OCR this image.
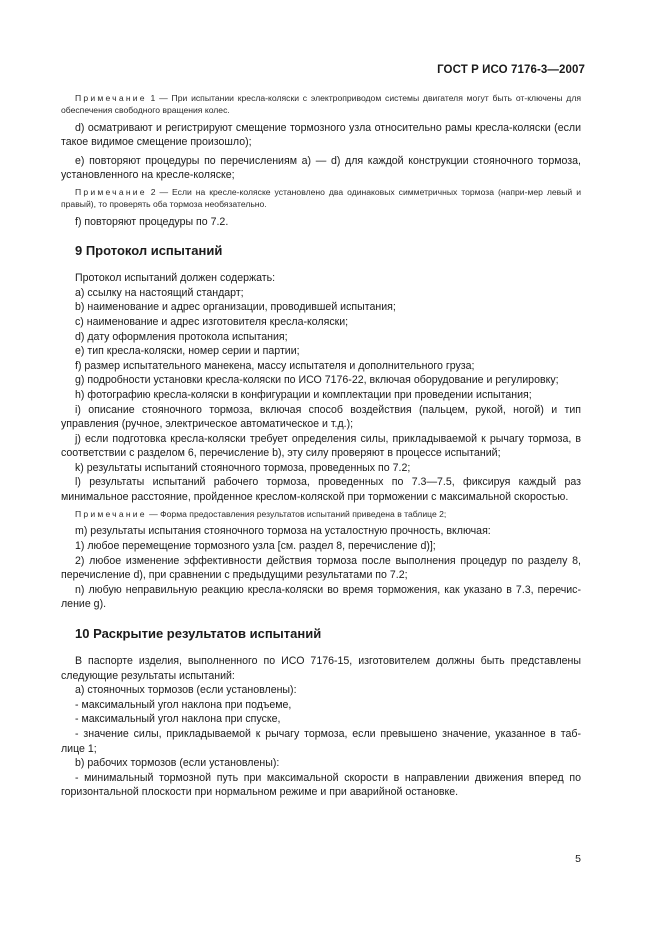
ГОСТ Р ИСО 7176-3—2007

Примечание 1 — При испытании кресла-коляски с электроприводом системы двигателя могут быть от-ключены для обеспечения свободного вращения колес.

d) осматривают и регистрируют смещение тормозного узла относительно рамы кресла-коляски (если такое видимое смещение произошло);

e) повторяют процедуры по перечислениям а) — d) для каждой конструкции стояночного тормоза, установленного на кресле-коляске;

Примечание 2 — Если на кресле-коляске установлено два одинаковых симметричных тормоза (напри-мер левый и правый), то проверять оба тормоза необязательно.

f) повторяют процедуры по 7.2.

9 Протокол испытаний

Протокол испытаний должен содержать:

a) ссылку на настоящий стандарт;

b) наименование и адрес организации, проводившей испытания;

c) наименование и адрес изготовителя кресла-коляски;

d) дату оформления протокола испытания;

e) тип кресла-коляски, номер серии и партии;

f) размер испытательного манекена, массу испытателя и дополнительного груза;

g) подробности установки кресла-коляски по ИСО 7176-22, включая оборудование и регулировку;

h) фотографию кресла-коляски в конфигурации и комплектации при проведении испытания;

i) описание стояночного тормоза, включая способ воздействия (пальцем, рукой, ногой) и тип управления (ручное, электрическое автоматическое и т.д.);

j) если подготовка кресла-коляски требует определения силы, прикладываемой к рычагу тормоза, в соответствии с разделом 6, перечисление b), эту силу проверяют в процессе испытаний;

k) результаты испытаний стояночного тормоза, проведенных по 7.2;

l) результаты испытаний рабочего тормоза, проведенных по 7.3—7.5, фиксируя каждый раз минимальное расстояние, пройденное креслом-коляской при торможении с максимальной скоростью.

Примечание — Форма предоставления результатов испытаний приведена в таблице 2;

m) результаты испытания стояночного тормоза на усталостную прочность, включая:

1) любое перемещение тормозного узла [см. раздел 8, перечисление d)];

2) любое изменение эффективности действия тормоза после выполнения процедур по разделу 8, перечисление d), при сравнении с предыдущими результатами по 7.2;

n) любую неправильную реакцию кресла-коляски во время торможения, как указано в 7.3, перечис-ление g).

10 Раскрытие результатов испытаний

В паспорте изделия, выполненного по ИСО 7176-15, изготовителем должны быть представлены следующие результаты испытаний:

a) стояночных тормозов (если установлены):

- максимальный угол наклона при подъеме,

- максимальный угол наклона при спуске,

- значение силы, прикладываемой к рычагу тормоза, если превышено значение, указанное в таб-лице 1;

b) рабочих тормозов (если установлены):

- минимальный тормозной путь при максимальной скорости в направлении движения вперед по горизонтальной плоскости при нормальном режиме и при аварийной остановке.

5
